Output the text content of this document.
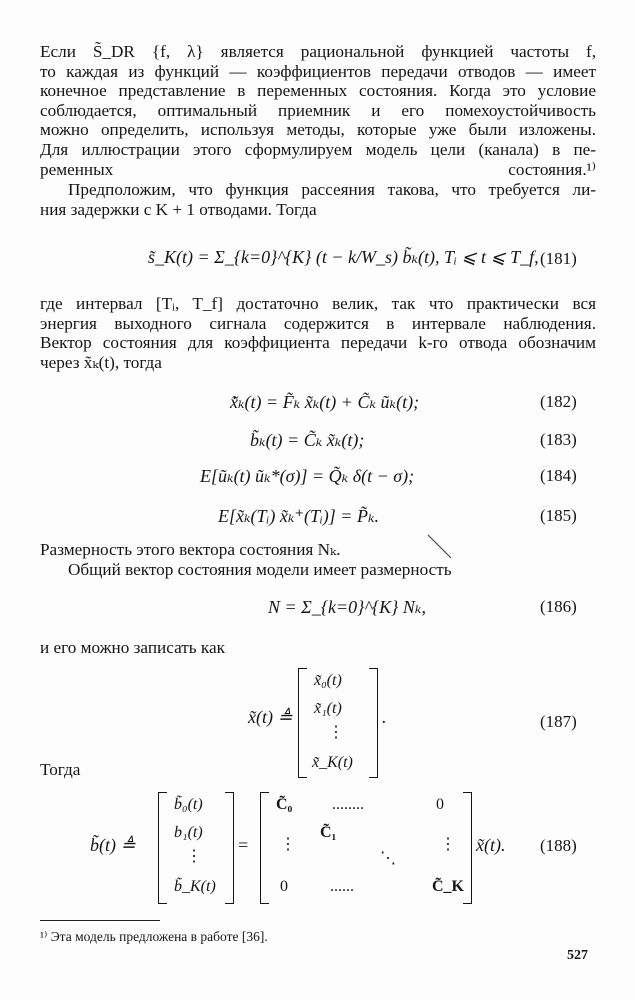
Если S̃_DR {f, λ} является рациональной функцией частоты f,
то каждая из функций — коэффициентов передачи отводов — имеет
конечное представление в переменных состояния. Когда это условие
соблюдается, оптимальный приемник и его помехоустойчивость
можно определить, используя методы, которые уже были изложены.
Для иллюстрации этого сформулируем модель цели (канала) в пе-
ременных состояния.¹⁾
Предположим, что функция рассеяния такова, что требуется ли-
ния задержки с K + 1 отводами. Тогда
s̃_K(t) = Σ_{k=0}^{K} (t − k/W_s) b̃ₖ(t), Tᵢ ⩽ t ⩽ T_f, (181)
где интервал [Tᵢ, T_f] достаточно велик, так что практически вся
энергия выходного сигнала содержится в интервале наблюдения.
Вектор состояния для коэффициента передачи k-го отвода обозначим
через x̃ₖ(t), тогда
x̃̇ₖ(t) = F̃ₖ x̃ₖ(t) + C̃ₖ ũₖ(t);	(182)
b̃ₖ(t) = C̃ₖ x̃ₖ(t);	(183)
E[ũₖ(t) ũₖ*(σ)] = Q̃ₖ δ(t − σ);	(184)
E[x̃ₖ(Tᵢ) x̃ₖ⁺(Tᵢ)] = P̃ₖ.	(185)
Размерность этого вектора состояния Nₖ.
Общий вектор состояния модели имеет размерность
N = Σ_{k=0}^{K} Nₖ,	(186)
и его можно записать как
x̃(t) ≜
x̃₀(t)
x̃₁(t)
⋮
x̃_K(t)
.	(187)
Тогда
b̃(t) ≜
b̃₀(t)
b₁(t)
⋮
b̃_K(t)
=
C̃₀ ........	0
C̃₁
⋮
⋱
⋮
0	......	C̃_K
x̃(t). (188)
¹⁾ Эта модель предложена в работе [36].
527
